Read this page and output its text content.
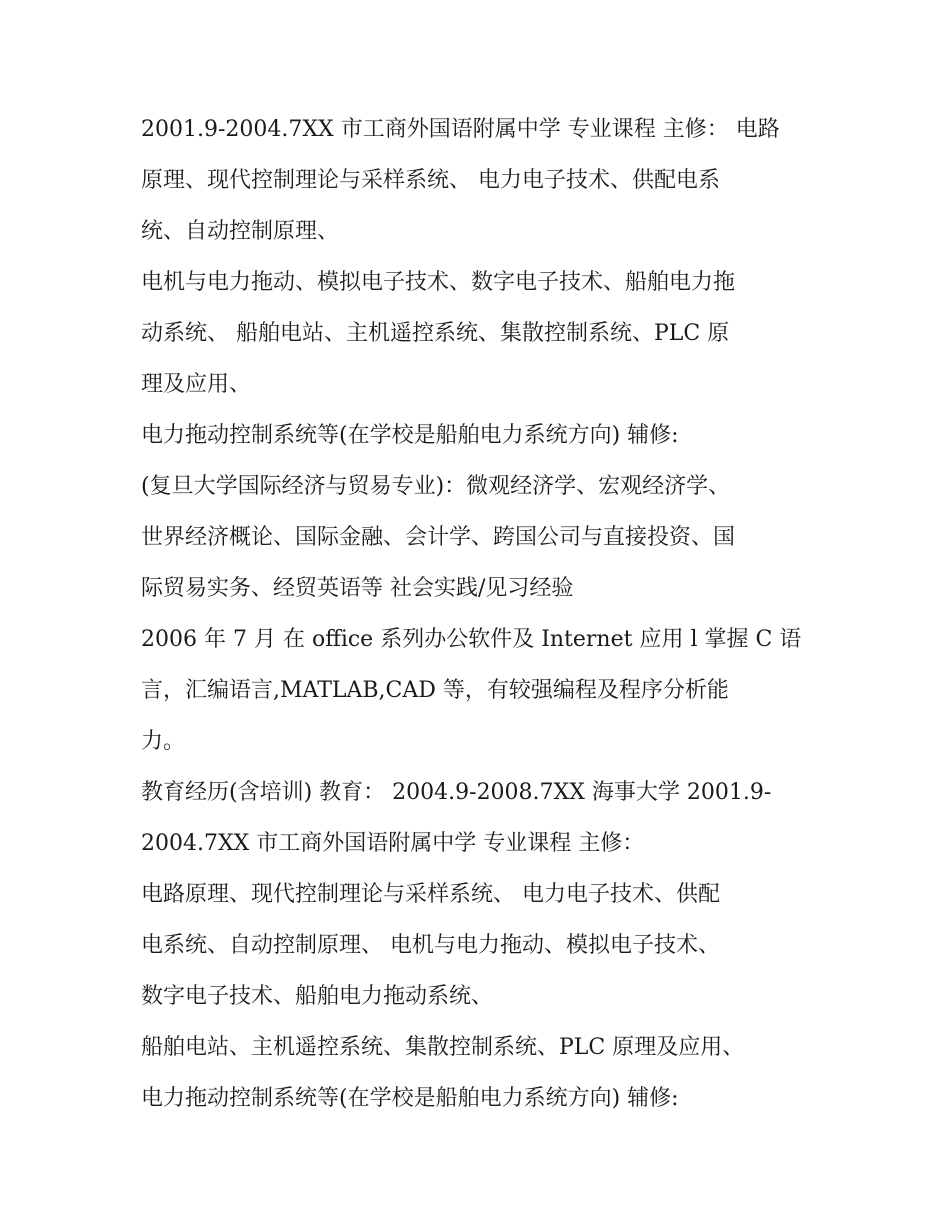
2001.9-2004.7XX 市工商外国语附属中学 专业课程 主修： 电路
原理、现代控制理论与采样系统、 电力电子技术、供配电系
统、自动控制原理、
电机与电力拖动、模拟电子技术、数字电子技术、船舶电力拖
动系统、 船舶电站、主机遥控系统、集散控制系统、PLC 原
理及应用、
电力拖动控制系统等(在学校是船舶电力系统方向) 辅修:
(复旦大学国际经济与贸易专业)：微观经济学、宏观经济学、
世界经济概论、国际金融、会计学、跨国公司与直接投资、国
际贸易实务、经贸英语等 社会实践/见习经验
2006 年 7 月 在 office 系列办公软件及 Internet 应用 l 掌握 C 语
言，汇编语言,MATLAB,CAD 等，有较强编程及程序分析能
力。
教育经历(含培训) 教育： 2004.9-2008.7XX 海事大学 2001.9-
2004.7XX 市工商外国语附属中学 专业课程 主修：
电路原理、现代控制理论与采样系统、 电力电子技术、供配
电系统、自动控制原理、 电机与电力拖动、模拟电子技术、
数字电子技术、船舶电力拖动系统、
船舶电站、主机遥控系统、集散控制系统、PLC 原理及应用、
电力拖动控制系统等(在学校是船舶电力系统方向) 辅修:
